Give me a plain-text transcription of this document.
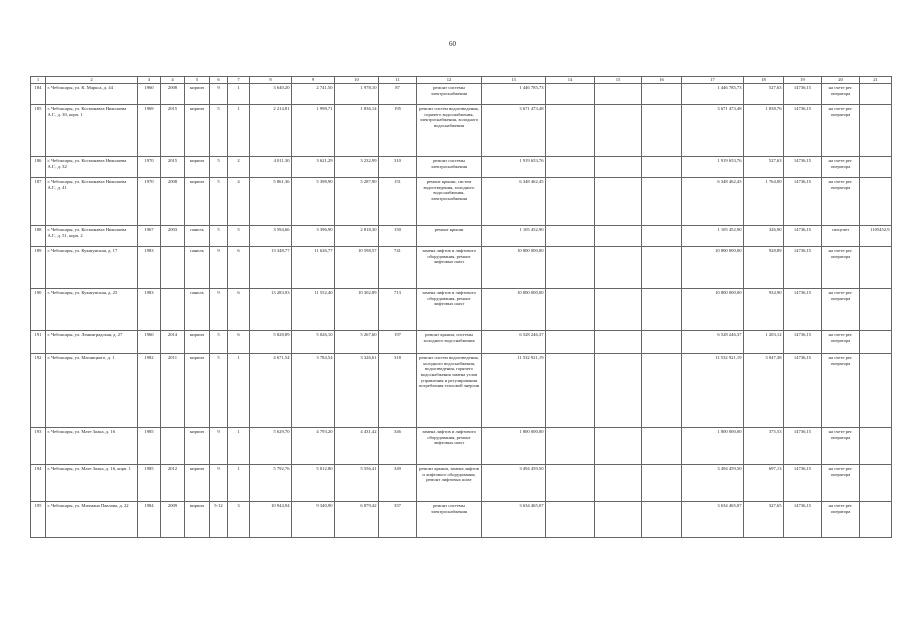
60
1	2	3	4	5	6	7	8	9	10	11	12	13	14	15	16	17	18	19	20	21
184	г. Чебоксары, ул. К. Маркса, д. 44	1960	2008	кирпич	9	1	3 640,20	2 741,50	1 978,10	87	ремонт системы электроснабжения	1 446 785,73				1 446 785,73	527,63	14736,15	на счете рег. оператора	
185	г. Чебоксары, ул. Космонавта Николаева А.Г., д. 30, корп. 1	1969	2015	кирпич	5	1	2 214,81	1 998,71	1 836,14	195	ремонт систем водоотведения, горячего водоснабжения, электроснабжения, холодного водоснабжения	3 671 473,48				3 671 473,48	1 838,76	14736,15	на счете рег. оператора	
186	г. Чебоксары, ул. Космонавта Николаева А.Г., д. 32	1970	2015	кирпич	5	2	4 011,30	3 621,29	3 232,99	310	ремонт системы электроснабжения	1 919 653,76				1 919 653,76	527,63	14736,15	на счете рег. оператора	
187	г. Чебоксары, ул. Космонавта Николаева А.Г., д. 41	1970	2008	кирпич	5	4	5 861,36	5 398,90	5 287,90	151	ремонт крыши, систем водоотведения, холодного водоснабжения, электроснабжения	6 348 462,45				6 348 462,45	1 764,00	14736,15	на счете рег. оператора	
188	г. Чебоксары, ул. Космонавта Николаева А.Г., д. 51, корп. 2	1967	2003	панель	5	5	3 594,66	3 396,90	2 818,30	150	ремонт крыши	1 105 452,90				1 105 452,90	326,90	14736,15	спецсчет	1105452,9
189	г. Чебоксары, ул. Кукшумская, д. 17	1983		панель	9	6	13 348,77	11 626,77	10 598,57	741	замена лифтов и лифтового оборудования, ремонт лифтовых шахт	10 800 000,00				10 800 000,00	928,89	14736,15	на счете рег. оператора	
190	г. Чебоксары, ул. Кукшумская, д. 25	1983		панель	9	6	13 283,93	11 552,40	10 302,89	713	замена лифтов и лифтового оборудования, ремонт лифтовых шахт	10 800 000,00				10 800 000,00	934,90	14736,15	на счете рег. оператора	
191	г. Чебоксары, ул. Ленинградская, д. 27	1960	2014	кирпич	5	6	5 828,89	5 026,10	5 267,60	197	ремонт крыши, системы холодного водоснабжения	6 528 246,37				6 528 246,37	1 203,12	14736,15	на счете рег. оператора	
192	г. Чебоксары, ул. Магницкого, д. 1	1982	2011	кирпич	5	1	4 671,54	3 784,54	3 326,61	318	ремонт систем водоотведения, холодного водоснабжения, водоотведения, горячего водоснабжения замена узлов управления и регулирования потребления тепловой энергии	11 532 921,19				11 532 921,19	3 047,38	14736,15	на счете рег. оператора	
193	г. Чебоксары, ул. Мате Залка, д. 16	1985		кирпич	9	1	5 629,70	4 793,20	4 431,42	346	замена лифтов и лифтового оборудования, ремонт лифтовых шахт	1 800 000,00				1 800 000,00	375,53	14736,15	на счете рег. оператора	
194	г. Чебоксары, ул. Мате Залка, д. 16, корп. 1	1985	2012	кирпич	9	1	5 792,76	5 012,80	5 556,41	349	ремонт крыши, замена лифтов и лифтового оборудования, ремонт лифтовых шахт	3 494 459,50				3 494 459,50	697,13	14736,15	на счете рег. оператора	
195	г. Чебоксары, ул. Мичмана Павлова, д. 22	1984	2009	кирпич	5-12	3	10 944,94	9 340,90	6 879,42	357	ремонт системы электроснабжения	3 634 465,07				3 634 465,07	327,65	14736,15	на счете рег. оператора	
